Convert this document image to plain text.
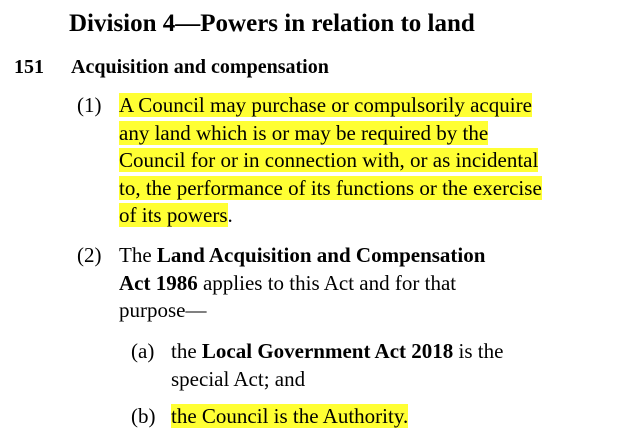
Division 4—Powers in relation to land
151 Acquisition and compensation
(1) A Council may purchase or compulsorily acquire
any land which is or may be required by the
Council for or in connection with, or as incidental
to, the performance of its functions or the exercise
of its powers.
(2) The Land Acquisition and Compensation
Act 1986 applies to this Act and for that
purpose—
(a) the Local Government Act 2018 is the
special Act; and
(b) the Council is the Authority.
